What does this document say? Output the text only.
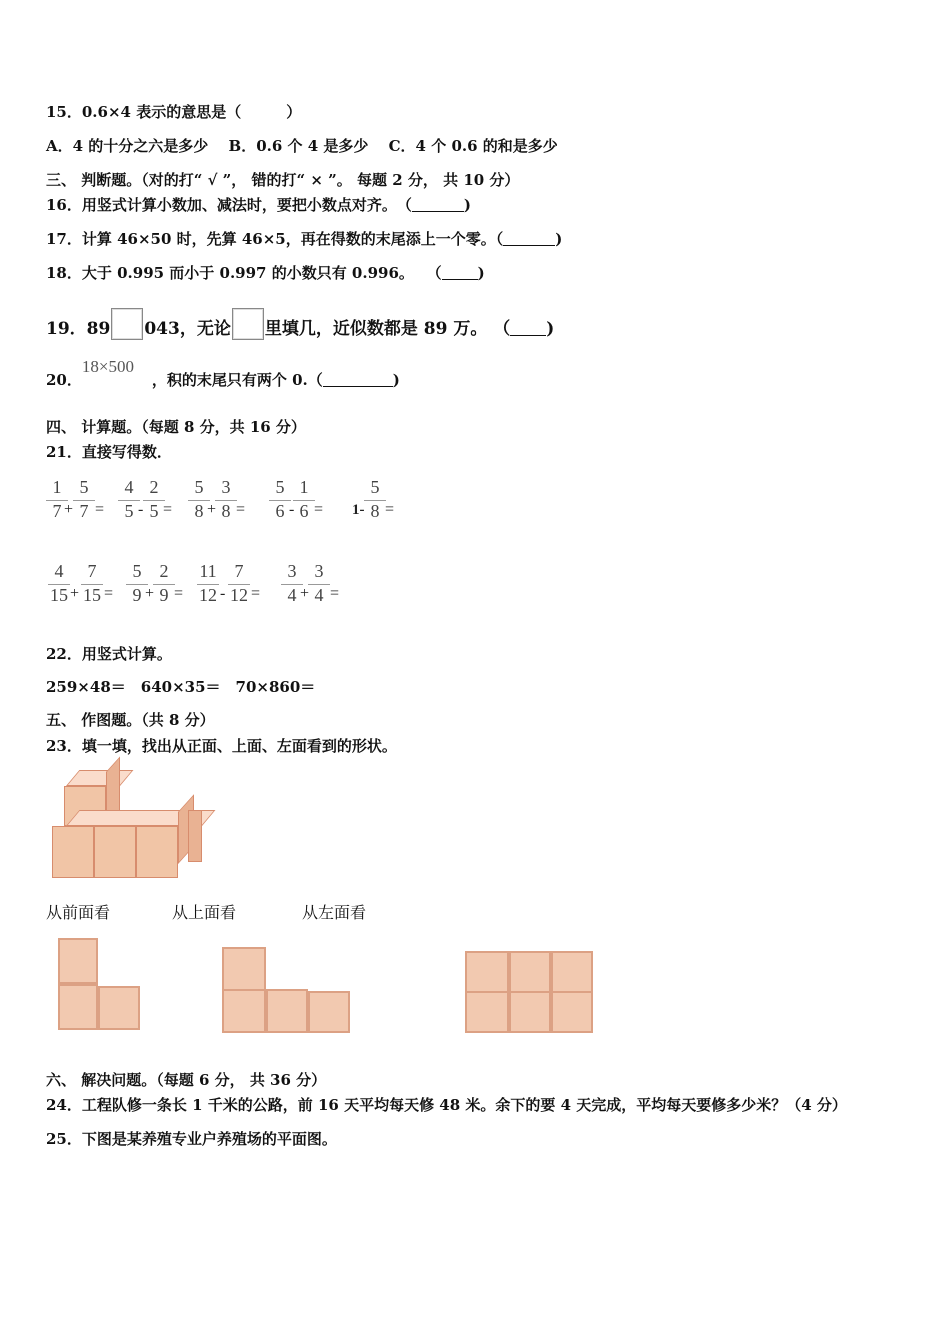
15．0.6×4 表示的意思是（　　　）
A．4 的十分之六是多少　 B．0.6 个 4 是多少　 C．4 个 0.6 的和是多少
三、 判断题。（对的打“ √ ”， 错的打“ × ”。 每题 2 分， 共 10 分）
16．用竖式计算小数加、减法时，要把小数点对齐。　（	)
17．计算 46×50 时，先算 46×5，再在得数的末尾添上一个零。（	)
18．大于 0.995 而小于 0.997 的小数只有 0.996。　 （ )
19．89 043，无论 里填几，近似数都是 89 万。 （ )
20．18×500，积的末尾只有两个 0.（	)
四、 计算题。（每题 8 分，共 16 分）
21．直接写得数．
1
7 +
5
7 =
4
5 -
2
5 =
5
8 +
3
8 =
5
6 -
1
6 = 1-
5
8 =
4
15 +
7
15 =
5
9 +
2
9 =
11
12 -
7
12 =
3
4 +
3
4 =
22．用竖式计算。
259×48＝　640×35＝　70×860＝
五、 作图题。（共 8 分）
23．填一填，找出从正面、上面、左面看到的形状。
从前面看	从上面看	从左面看
六、 解决问题。（每题 6 分， 共 36 分）
24．工程队修一条长 1 千米的公路，前 16 天平均每天修 48 米。余下的要 4 天完成，平均每天要修多少米？（4 分）
25．下图是某养殖专业户养殖场的平面图。
